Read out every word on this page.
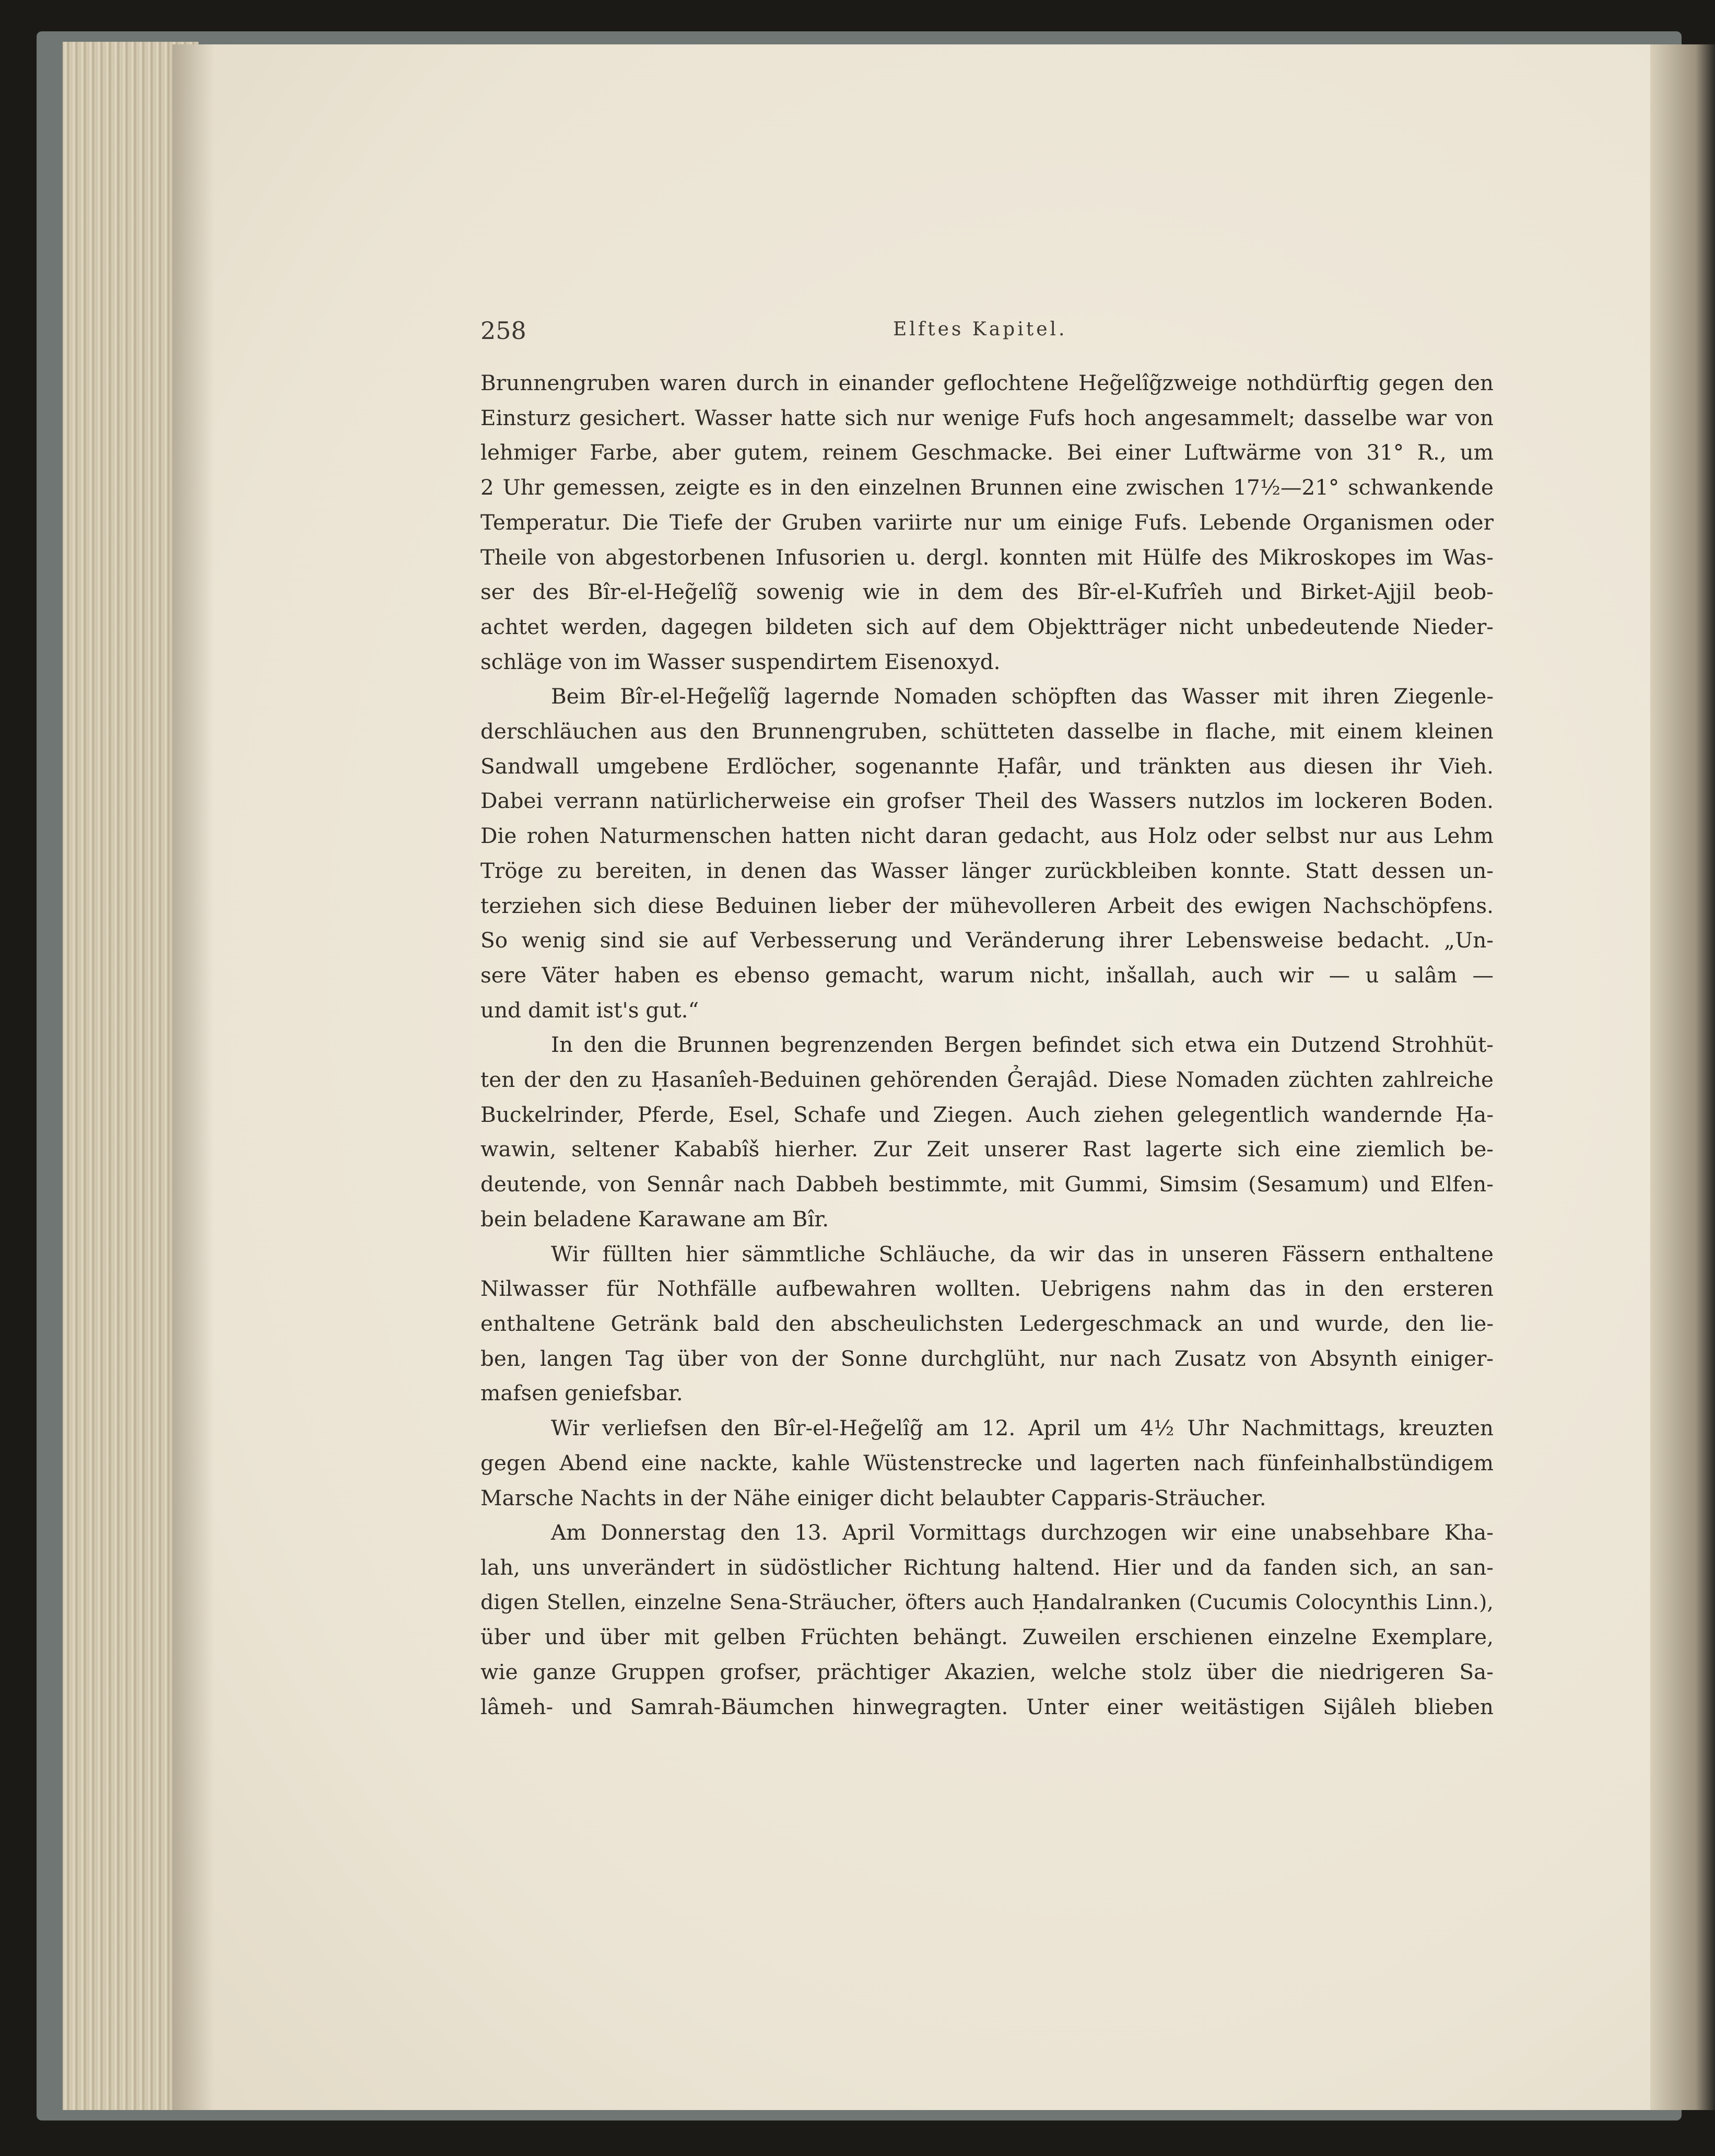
258	Elftes Kapitel.
Brunnengruben waren durch in einander geflochtene Heg̃elîg̃zweige nothdürftig gegen den
Einsturz gesichert. Wasser hatte sich nur wenige Fufs hoch angesammelt; dasselbe war von
lehmiger Farbe, aber gutem, reinem Geschmacke. Bei einer Luftwärme von 31° R., um
2 Uhr gemessen, zeigte es in den einzelnen Brunnen eine zwischen 17½—21° schwankende
Temperatur. Die Tiefe der Gruben variirte nur um einige Fufs. Lebende Organismen oder
Theile von abgestorbenen Infusorien u. dergl. konnten mit Hülfe des Mikroskopes im Was-
ser des Bîr-el-Heg̃elîg̃ sowenig wie in dem des Bîr-el-Kufrîeh und Birket-Ajjil beob-
achtet werden, dagegen bildeten sich auf dem Objektträger nicht unbedeutende Nieder-
schläge von im Wasser suspendirtem Eisenoxyd.
Beim Bîr-el-Heg̃elîg̃ lagernde Nomaden schöpften das Wasser mit ihren Ziegenle-
derschläuchen aus den Brunnengruben, schütteten dasselbe in flache, mit einem kleinen
Sandwall umgebene Erdlöcher, sogenannte Ḥafâr, und tränkten aus diesen ihr Vieh.
Dabei verrann natürlicherweise ein grofser Theil des Wassers nutzlos im lockeren Boden.
Die rohen Naturmenschen hatten nicht daran gedacht, aus Holz oder selbst nur aus Lehm
Tröge zu bereiten, in denen das Wasser länger zurückbleiben konnte. Statt dessen un-
terziehen sich diese Beduinen lieber der mühevolleren Arbeit des ewigen Nachschöpfens.
So wenig sind sie auf Verbesserung und Veränderung ihrer Lebensweise bedacht. „Un-
sere Väter haben es ebenso gemacht, warum nicht, inšallah, auch wir — u salâm —
und damit ist's gut.“
In den die Brunnen begrenzenden Bergen befindet sich etwa ein Dutzend Strohhüt-
ten der den zu Ḥasanîeh-Beduinen gehörenden G̉erajâd. Diese Nomaden züchten zahlreiche
Buckelrinder, Pferde, Esel, Schafe und Ziegen. Auch ziehen gelegentlich wandernde Ḥa-
wawin, seltener Kababîš hierher. Zur Zeit unserer Rast lagerte sich eine ziemlich be-
deutende, von Sennâr nach Dabbeh bestimmte, mit Gummi, Simsim (Sesamum) und Elfen-
bein beladene Karawane am Bîr.
Wir füllten hier sämmtliche Schläuche, da wir das in unseren Fässern enthaltene
Nilwasser für Nothfälle aufbewahren wollten. Uebrigens nahm das in den ersteren
enthaltene Getränk bald den abscheulichsten Ledergeschmack an und wurde, den lie-
ben, langen Tag über von der Sonne durchglüht, nur nach Zusatz von Absynth einiger-
mafsen geniefsbar.
Wir verliefsen den Bîr-el-Heg̃elîg̃ am 12. April um 4½ Uhr Nachmittags, kreuzten
gegen Abend eine nackte, kahle Wüstenstrecke und lagerten nach fünfeinhalbstündigem
Marsche Nachts in der Nähe einiger dicht belaubter Capparis-Sträucher.
Am Donnerstag den 13. April Vormittags durchzogen wir eine unabsehbare Kha-
lah, uns unverändert in südöstlicher Richtung haltend. Hier und da fanden sich, an san-
digen Stellen, einzelne Sena-Sträucher, öfters auch Ḥandalranken (Cucumis Colocynthis Linn.),
über und über mit gelben Früchten behängt. Zuweilen erschienen einzelne Exemplare,
wie ganze Gruppen grofser, prächtiger Akazien, welche stolz über die niedrigeren Sa-
lâmeh- und Samrah-Bäumchen hinwegragten. Unter einer weitästigen Sijâleh blieben
